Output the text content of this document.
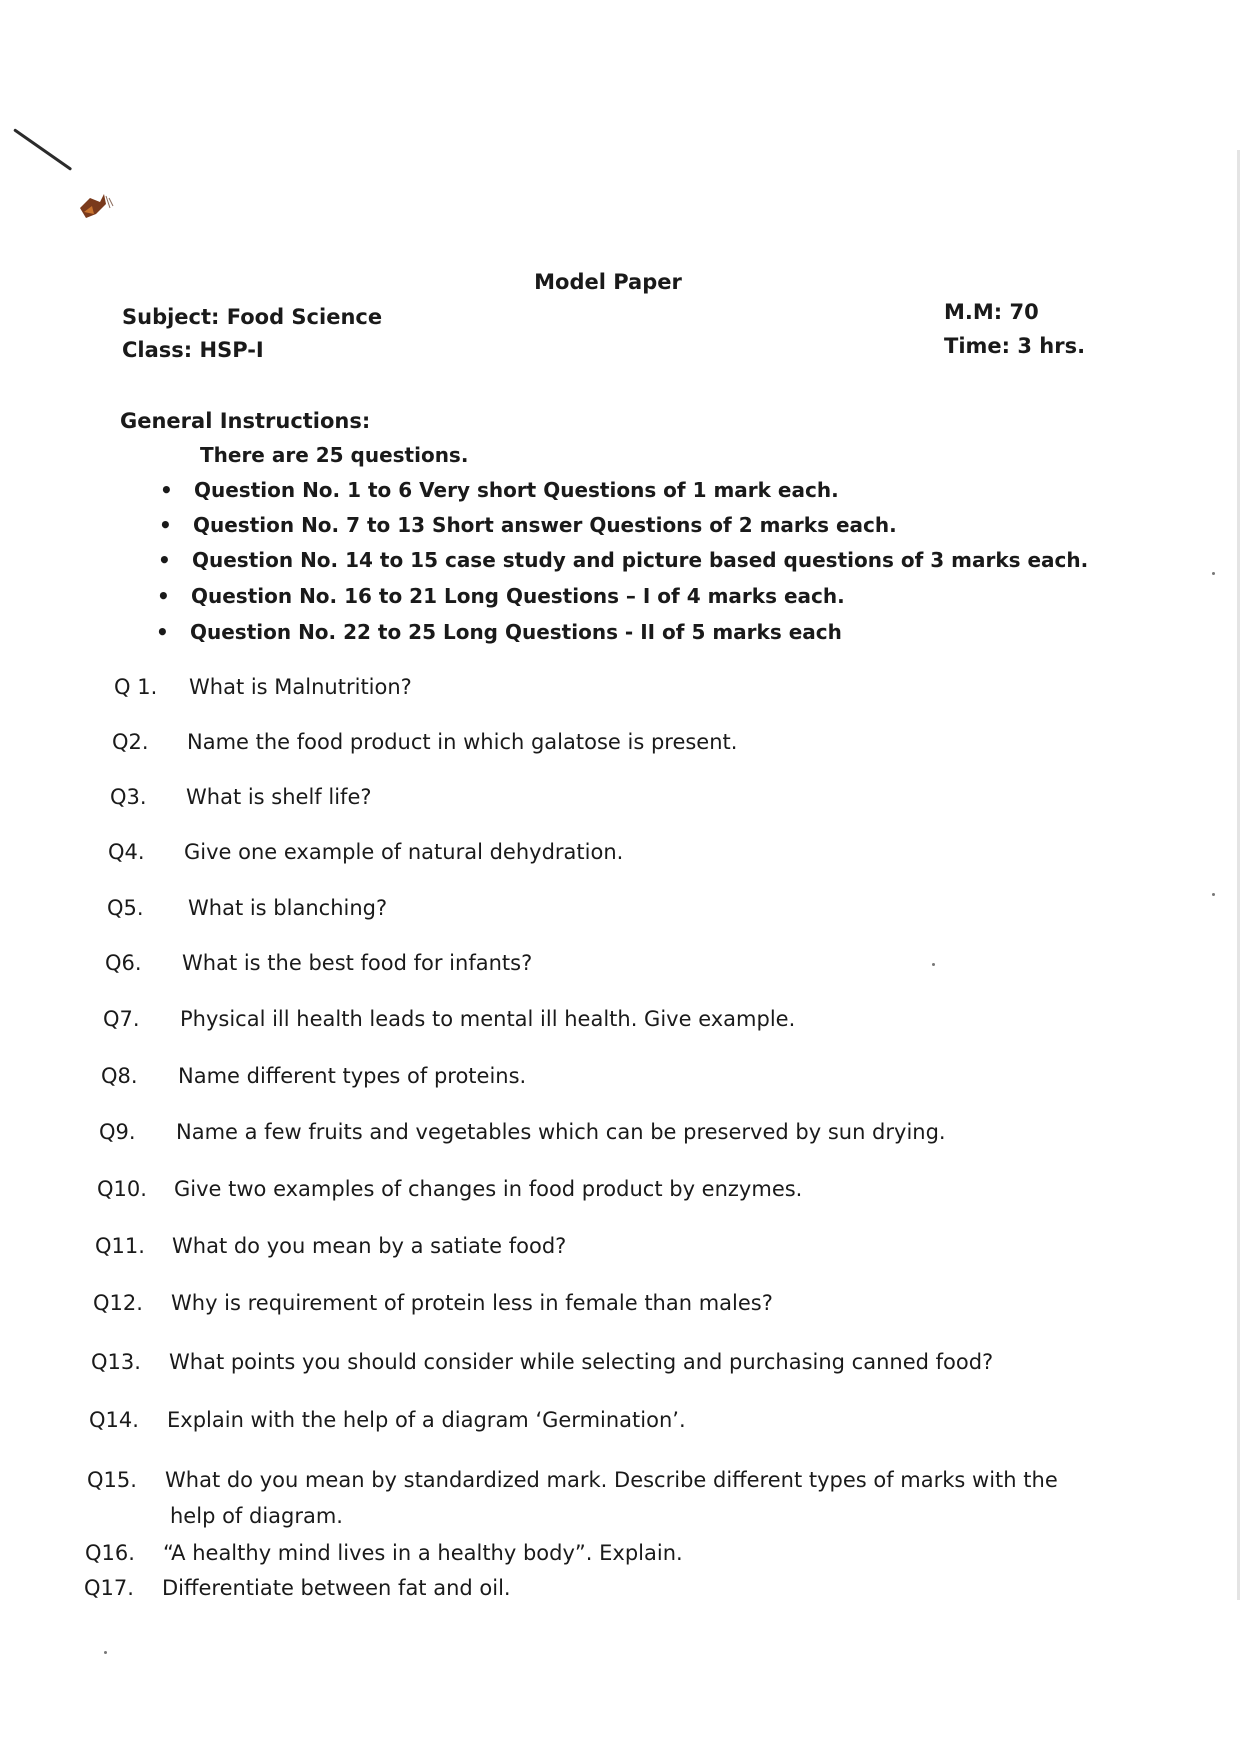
Model Paper
Subject: Food Science
Class: HSP-I
M.M: 70
Time: 3 hrs.
General Instructions:
There are 25 questions.
• Question No. 1 to 6 Very short Questions of 1 mark each.
• Question No. 7 to 13 Short answer Questions of 2 marks each.
• Question No. 14 to 15 case study and picture based questions of 3 marks each.
• Question No. 16 to 21 Long Questions – I of 4 marks each.
• Question No. 22 to 25 Long Questions - II of 5 marks each
Q 1. What is Malnutrition?
Q2. Name the food product in which galatose is present.
Q3. What is shelf life?
Q4. Give one example of natural dehydration.
Q5. What is blanching?
Q6. What is the best food for infants?
Q7. Physical ill health leads to mental ill health. Give example.
Q8. Name different types of proteins.
Q9. Name a few fruits and vegetables which can be preserved by sun drying.
Q10. Give two examples of changes in food product by enzymes.
Q11. What do you mean by a satiate food?
Q12. Why is requirement of protein less in female than males?
Q13. What points you should consider while selecting and purchasing canned food?
Q14. Explain with the help of a diagram ‘Germination’.
Q15. What do you mean by standardized mark. Describe different types of marks with the
help of diagram.
Q16. “A healthy mind lives in a healthy body”. Explain.
Q17. Differentiate between fat and oil.
